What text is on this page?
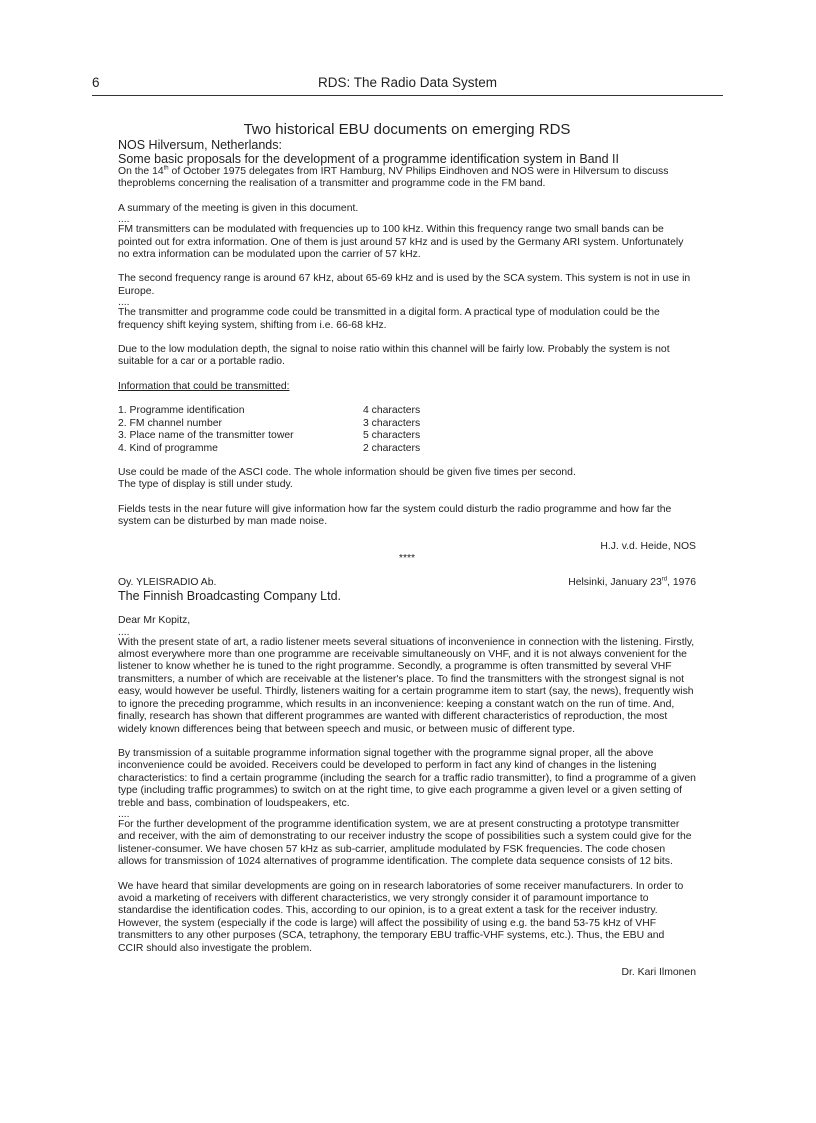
6	RDS: The Radio Data System

Two historical EBU documents on emerging RDS

NOS Hilversum, Netherlands:

Some basic proposals for the development of a programme identification system in Band II

On the 14th of October 1975 delegates from IRT Hamburg, NV Philips Eindhoven and NOS were in Hilversum to discuss theproblems concerning the realisation of a transmitter and programme code in the FM band.

A summary of the meeting is given in this document.

....

FM transmitters can be modulated with frequencies up to 100 kHz. Within this frequency range two small bands can be pointed out for extra information. One of them is just around 57 kHz and is used by the Germany ARI system. Unfortunately no extra information can be modulated upon the carrier of 57 kHz.

The second frequency range is around 67 kHz, about 65-69 kHz and is used by the SCA system. This system is not in use in Europe.

....

The transmitter and programme code could be transmitted in a digital form. A practical type of modulation could be the frequency shift keying system, shifting from i.e. 66-68 kHz.

Due to the low modulation depth, the signal to noise ratio within this channel will be fairly low. Probably the system is not suitable for a car or a portable radio.

Information that could be transmitted:

1. Programme identification	4 characters
2. FM channel number	3 characters
3. Place name of the transmitter tower	5 characters
4. Kind of programme	2 characters

Use could be made of the ASCI code. The whole information should be given five times per second.

The type of display is still under study.

Fields tests in the near future will give information how far the system could disturb the radio programme and how far the system can be disturbed by man made noise.

H.J. v.d. Heide, NOS

****

Oy. YLEISRADIO Ab.	Helsinki, January 23rd, 1976

The Finnish Broadcasting Company Ltd.

Dear Mr Kopitz,

....

With the present state of art, a radio listener meets several situations of inconvenience in connection with the listening. Firstly, almost everywhere more than one programme are receivable simultaneously on VHF, and it is not always convenient for the listener to know whether he is tuned to the right programme. Secondly, a programme is often transmitted by several VHF transmitters, a number of which are receivable at the listener's place. To find the transmitters with the strongest signal is not easy, would however be useful. Thirdly, listeners waiting for a certain programme item to start (say, the news), frequently wish to ignore the preceding programme, which results in an inconvenience: keeping a constant watch on the run of time. And, finally, research has shown that different programmes are wanted with different characteristics of reproduction, the most widely known differences being that between speech and music, or between music of different type.

By transmission of a suitable programme information signal together with the programme signal proper, all the above inconvenience could be avoided. Receivers could be developed to perform in fact any kind of changes in the listening characteristics: to find a certain programme (including the search for a traffic radio transmitter), to find a programme of a given type (including traffic programmes) to switch on at the right time, to give each programme a given level or a given setting of treble and bass, combination of loudspeakers, etc.

....

For the further development of the programme identification system, we are at present constructing a prototype transmitter and receiver, with the aim of demonstrating to our receiver industry the scope of possibilities such a system could give for the listener-consumer. We have chosen 57 kHz as sub-carrier, amplitude modulated by FSK frequencies. The code chosen allows for transmission of 1024 alternatives of programme identification. The complete data sequence consists of 12 bits.

We have heard that similar developments are going on in research laboratories of some receiver manufacturers. In order to avoid a marketing of receivers with different characteristics, we very strongly consider it of paramount importance to standardise the identification codes. This, according to our opinion, is to a great extent a task for the receiver industry. However, the system (especially if the code is large) will affect the possibility of using e.g. the band 53-75 kHz of VHF transmitters to any other purposes (SCA, tetraphony, the temporary EBU traffic-VHF systems, etc.). Thus, the EBU and

CCIR should also investigate the problem.

Dr. Kari Ilmonen
